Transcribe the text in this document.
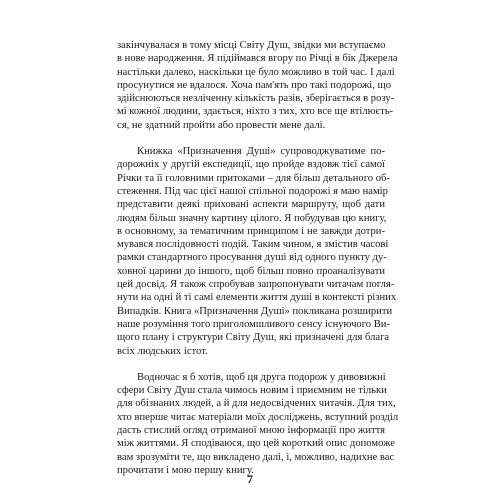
закінчувалася в тому місці Світу Душ, звідки ми вступаємо
в нове народження. Я підіймався вгору по Річці в бік Джерела
настільки далеко, наскільки це було можливо в той час. І далі
просунутися не вдалося. Хоча пам'ять про такі подорожі, що
здійснюються незліченну кількість разів, зберігається в розу-
мі кожної людини, здається, ніхто з тих, хто все ще втілюєть-
ся, не здатний пройти або провести мене далі.

Книжка «Призначення Душі» супроводжуватиме по-
дорожніх у другій експедиції, що пройде вздовж тієї самої
Річки та її головними притоками – для більш детального об-
стеження. Під час цієї нашої спільної подорожі я маю намір
представити деякі приховані аспекти маршруту, щоб дати
людям більш значну картину цілого. Я побудував цю книгу,
в основному, за тематичним принципом і не завжди дотри-
мувався послідовності подій. Таким чином, я змістив часові
рамки стандартного просування душі від одного пункту ду-
ховної царини до іншого, щоб більш повно проаналізувати
цей досвід. Я також спробував запропонувати читачам погля-
нути на одні й ті самі елементи життя душі в контексті різних
Випадків. Книга «Призначення Душі» покликана розширити
наше розуміння того приголомшливого сенсу існуючого Ви-
щого плану і структури Світу Душ, які призначені для блага
всіх людських істот.

Водночас я б хотів, щоб ця друга подорож у дивовижні
сфери Світу Душ стала чимось новим і приємним не тільки
для обізнаних людей, а й для недосвідчених читачів. Для тих,
хто вперше читає матеріали моїх досліджень, вступний розділ
дасть стислий огляд отриманої мною інформації про життя
між життями. Я сподіваюся, що цей короткий опис допоможе
вам зрозуміти те, що викладено далі, і, можливо, надихне вас
прочитати і мою першу книгу.

7
